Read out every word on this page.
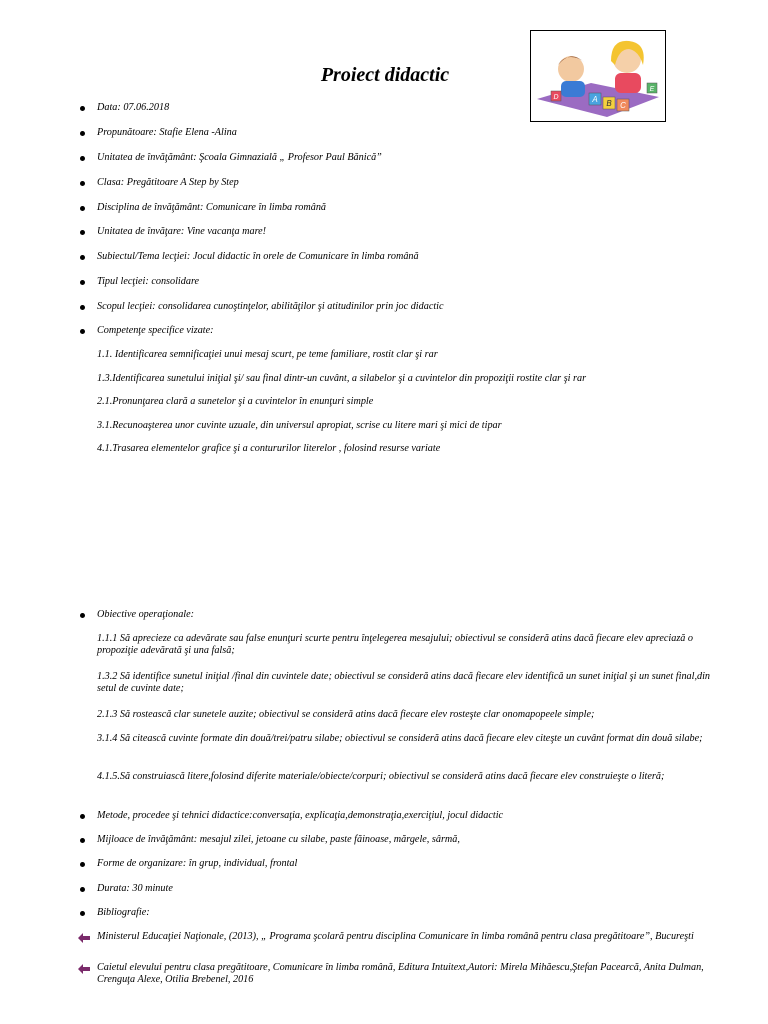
Proiect didactic
A B C
E
D
Data: 07.06.2018
Propunătoare: Stafie Elena -Alina
Unitatea de învăţământ: Şcoala Gimnazială „ Profesor Paul Bănică”
Clasa: Pregătitoare A Step by Step
Disciplina de învăţământ: Comunicare în limba română
Unitatea de învăţare: Vine vacanţa mare!
Subiectul/Tema lecţiei: Jocul didactic în orele de Comunicare în limba română
Tipul lecţiei: consolidare
Scopul lecţiei: consolidarea cunoştinţelor, abilităţilor şi atitudinilor prin joc didactic
Competenţe specifice vizate:
1.1. Identificarea semnificaţiei unui mesaj scurt, pe teme familiare, rostit clar şi rar
1.3.Identificarea sunetului iniţial şi/ sau final dintr-un cuvânt, a silabelor şi a cuvintelor din propoziţii rostite clar şi rar
2.1.Pronunţarea clară a sunetelor şi a cuvintelor în enunţuri simple
3.1.Recunoaşterea unor cuvinte uzuale, din universul apropiat, scrise cu litere mari şi mici de tipar
4.1.Trasarea elementelor grafice şi a contururilor literelor , folosind resurse variate
Obiective operaţionale:
1.1.1 Să aprecieze ca adevărate sau false enunţuri scurte pentru înţelegerea mesajului; obiectivul se consideră atins dacă fiecare elev apreciază o propoziţie adevărată şi una falsă;
1.3.2 Să identifice sunetul iniţial /final din cuvintele date; obiectivul se consideră atins dacă fiecare elev identifică un sunet iniţial şi un sunet final,din setul de cuvinte date;
2.1.3 Să rostească clar sunetele auzite; obiectivul se consideră atins dacă fiecare elev rosteşte clar onomapopeele simple;
3.1.4 Să citească cuvinte formate din două/trei/patru silabe; obiectivul se consideră atins dacă fiecare elev citeşte un cuvânt format din două silabe;
4.1.5.Să construiască litere,folosind diferite materiale/obiecte/corpuri; obiectivul se consideră atins dacă fiecare elev construieşte o literă;
Metode, procedee şi tehnici didactice:conversaţia, explicaţia,demonstraţia,exerciţiul, jocul didactic
Mijloace de învăţământ: mesajul zilei, jetoane cu silabe, paste făinoase, mărgele, sârmă,
Forme de organizare: în grup, individual, frontal
Durata: 30 minute
Bibliografie:
Ministerul Educaţiei Naţionale, (2013), „ Programa şcolară pentru disciplina Comunicare în limba română pentru clasa pregătitoare”, Bucureşti
Caietul elevului pentru clasa pregătitoare, Comunicare în limba română, Editura Intuitext,Autori: Mirela Mihăescu,Ştefan Pacearcă, Anita Dulman, Crenguţa Alexe, Otilia Brebenel, 2016
